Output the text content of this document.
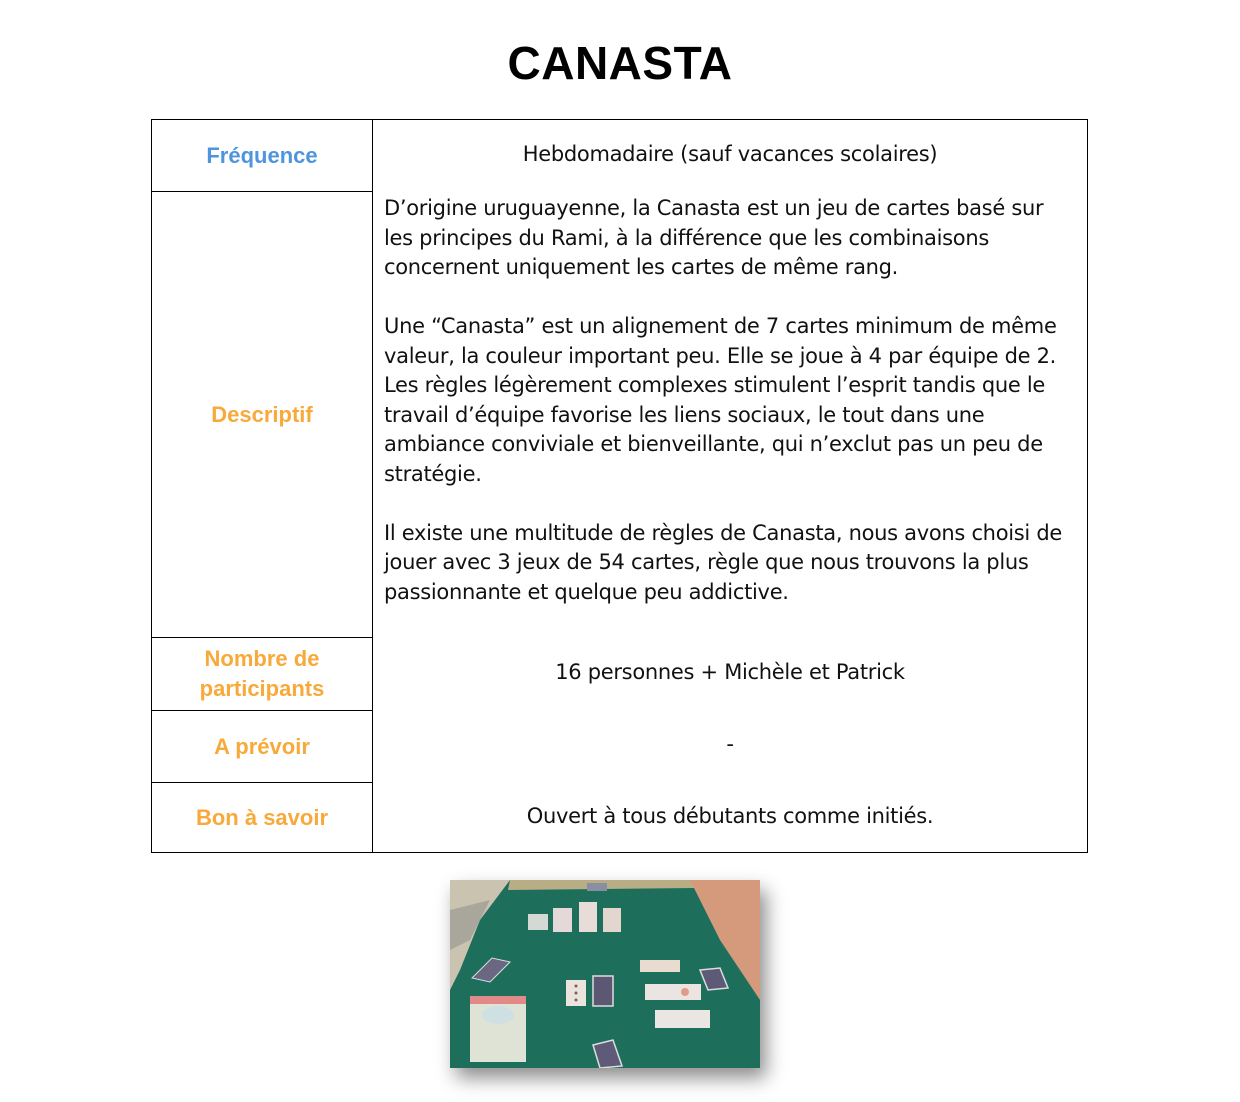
CANASTA
Fréquence
Descriptif
Nombre de participants
A prévoir
Bon à savoir
Hebdomadaire (sauf vacances scolaires)

D’origine uruguayenne, la Canasta est un jeu de cartes basé sur les principes du Rami, à la différence que les combinaisons concernent uniquement les cartes de même rang.

Une “Canasta” est un alignement de 7 cartes minimum de même valeur, la couleur important peu. Elle se joue à 4 par équipe de 2. Les règles légèrement complexes stimulent l’esprit tandis que le travail d’équipe favorise les liens sociaux, le tout dans une ambiance conviviale et bienveillante, qui n’exclut pas un peu de stratégie.

Il existe une multitude de règles de Canasta, nous avons choisi de jouer avec 3 jeux de 54 cartes, règle que nous trouvons la plus passionnante et quelque peu addictive.

16 personnes + Michèle et Patrick
-
Ouvert à tous débutants comme initiés.
